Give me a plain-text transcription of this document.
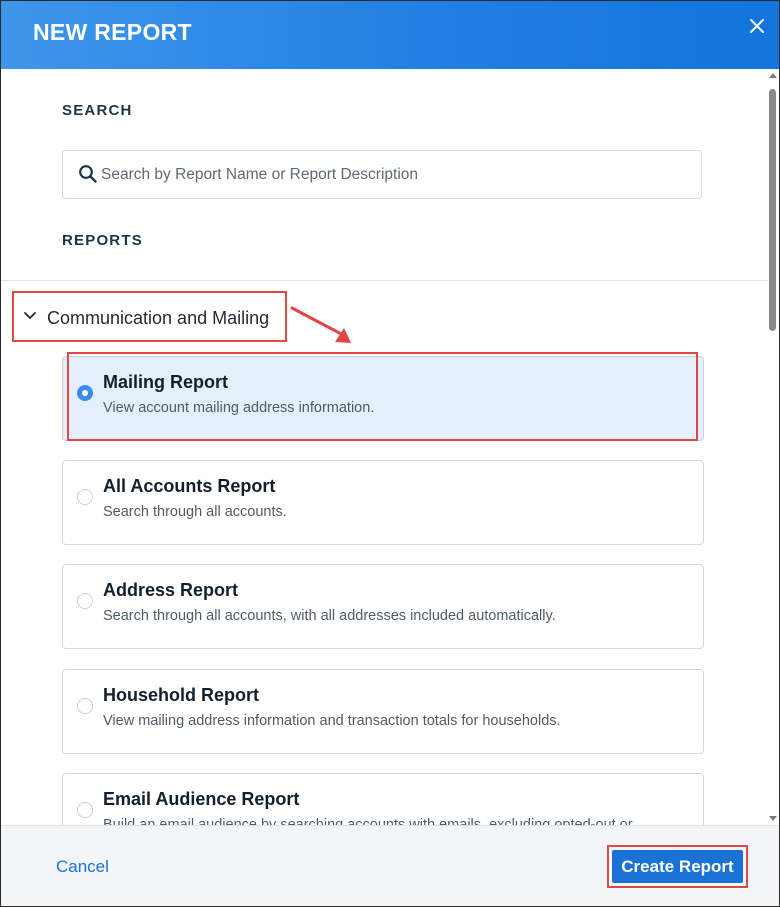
NEW REPORT
SEARCH
Search by Report Name or Report Description
REPORTS
Communication and Mailing
Mailing Report
View account mailing address information.
All Accounts Report
Search through all accounts.
Address Report
Search through all accounts, with all addresses included automatically.
Household Report
View mailing address information and transaction totals for households.
Email Audience Report
Cancel	Create Report
